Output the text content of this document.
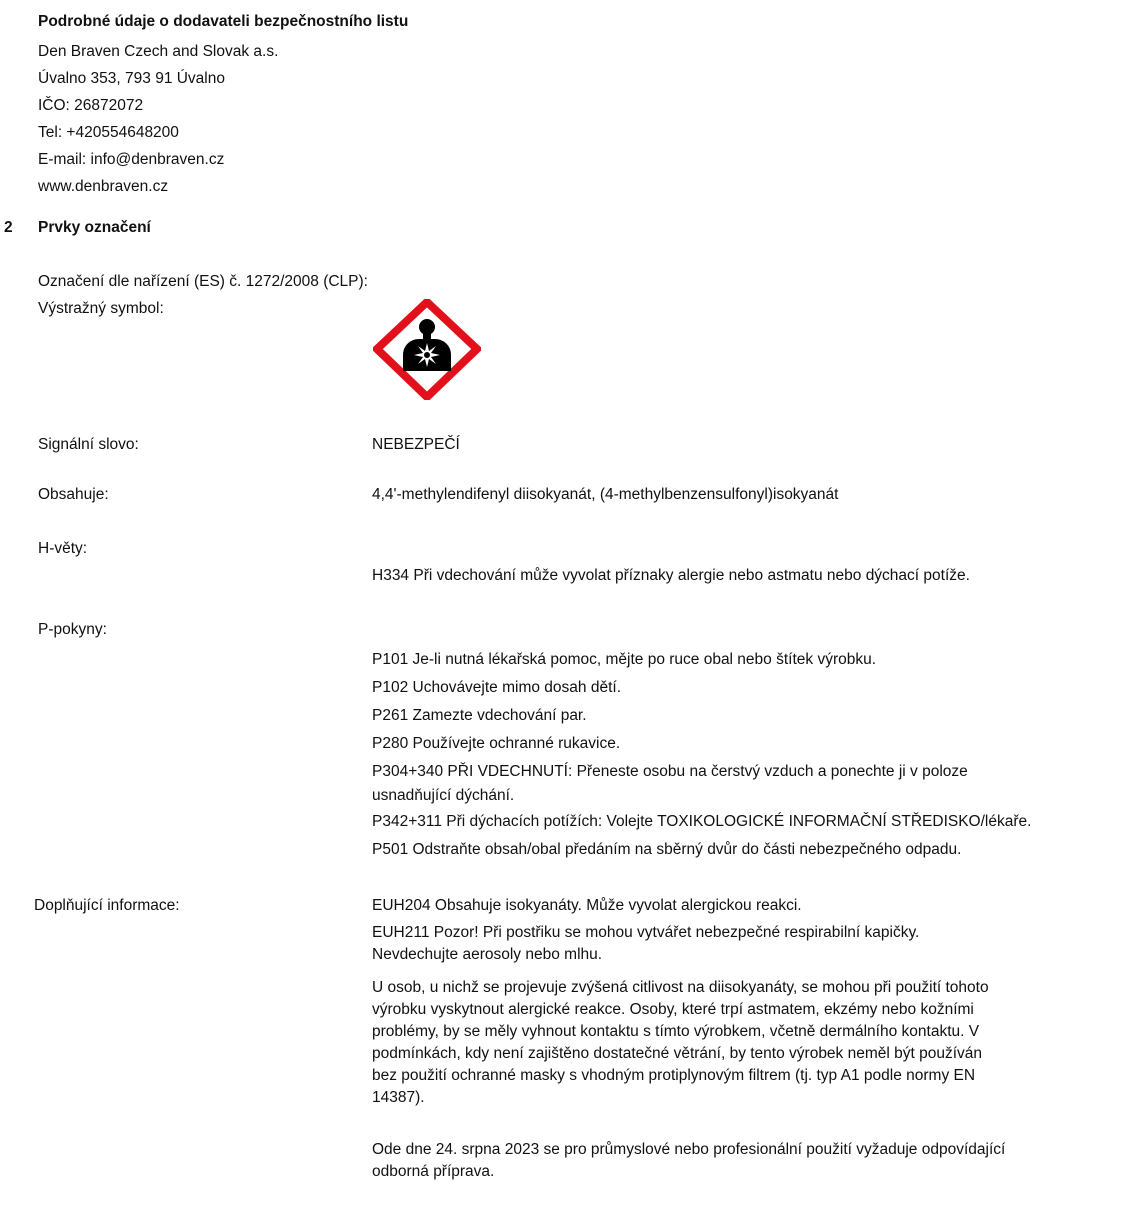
Podrobné údaje o dodavateli bezpečnostního listu
Den Braven Czech and Slovak a.s.
Úvalno 353, 793 91 Úvalno
IČO: 26872072
Tel: +420554648200
E-mail: info@denbraven.cz
www.denbraven.cz
2 Prvky označení
Označení dle nařízení (ES) č. 1272/2008 (CLP):
Výstražný symbol:
Signální slovo:	NEBEZPEČÍ
Obsahuje:	4,4'-methylendifenyl diisokyanát, (4-methylbenzensulfonyl)isokyanát
H-věty:
H334 Při vdechování může vyvolat příznaky alergie nebo astmatu nebo dýchací potíže.
P-pokyny:
P101 Je-li nutná lékařská pomoc, mějte po ruce obal nebo štítek výrobku.
P102 Uchovávejte mimo dosah dětí.
P261 Zamezte vdechování par.
P280 Používejte ochranné rukavice.
P304+340 PŘI VDECHNUTÍ: Přeneste osobu na čerstvý vzduch a ponechte ji v poloze
usnadňující dýchání.
P342+311 Při dýchacích potížích: Volejte TOXIKOLOGICKÉ INFORMAČNÍ STŘEDISKO/lékaře.
P501 Odstraňte obsah/obal předáním na sběrný dvůr do části nebezpečného odpadu.
Doplňující informace:	EUH204 Obsahuje isokyanáty. Může vyvolat alergickou reakci.
EUH211 Pozor! Při postřiku se mohou vytvářet nebezpečné respirabilní kapičky.
Nevdechujte aerosoly nebo mlhu.
U osob, u nichž se projevuje zvýšená citlivost na diisokyanáty, se mohou při použití tohoto
výrobku vyskytnout alergické reakce. Osoby, které trpí astmatem, ekzémy nebo kožními
problémy, by se měly vyhnout kontaktu s tímto výrobkem, včetně dermálního kontaktu. V
podmínkách, kdy není zajištěno dostatečné větrání, by tento výrobek neměl být používán
bez použití ochranné masky s vhodným protiplynovým filtrem (tj. typ A1 podle normy EN
14387).
Ode dne 24. srpna 2023 se pro průmyslové nebo profesionální použití vyžaduje odpovídající
odborná příprava.
